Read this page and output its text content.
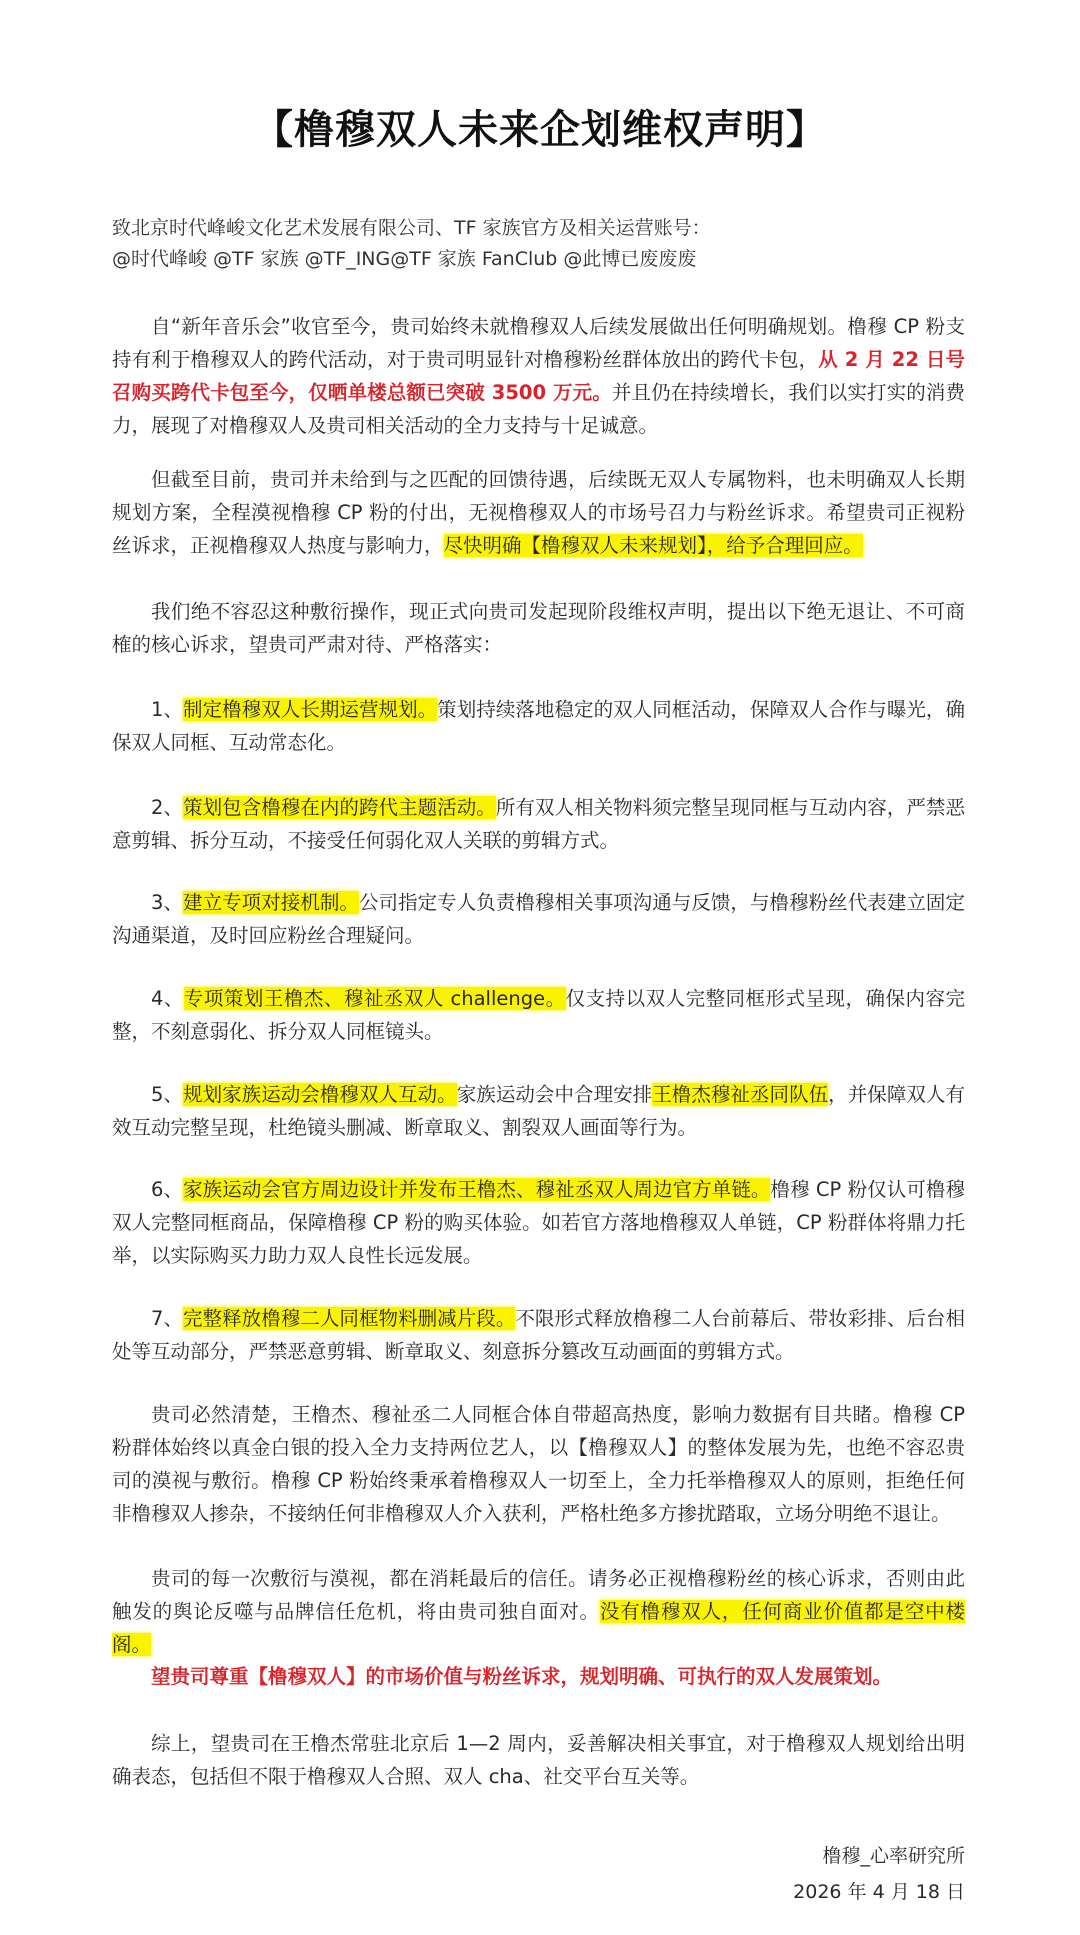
【橹穆双人未来企划维权声明】
致北京时代峰峻文化艺术发展有限公司、TF 家族官方及相关运营账号：
@时代峰峻 @TF 家族 @TF_ING@TF 家族 FanClub @此博已废废废
自“新年音乐会”收官至今，贵司始终未就橹穆双人后续发展做出任何明确规划。橹穆 CP 粉支持有利于橹穆双人的跨代活动，对于贵司明显针对橹穆粉丝群体放出的跨代卡包，从 2 月 22 日号召购买跨代卡包至今，仅晒单楼总额已突破 3500 万元。并且仍在持续增长，我们以实打实的消费力，展现了对橹穆双人及贵司相关活动的全力支持与十足诚意。
但截至目前，贵司并未给到与之匹配的回馈待遇，后续既无双人专属物料，也未明确双人长期规划方案，全程漠视橹穆 CP 粉的付出，无视橹穆双人的市场号召力与粉丝诉求。希望贵司正视粉丝诉求，正视橹穆双人热度与影响力，尽快明确【橹穆双人未来规划】，给予合理回应。
我们绝不容忍这种敷衍操作，现正式向贵司发起现阶段维权声明，提出以下绝无退让、不可商榷的核心诉求，望贵司严肃对待、严格落实：
1、制定橹穆双人长期运营规划。策划持续落地稳定的双人同框活动，保障双人合作与曝光，确保双人同框、互动常态化。
2、策划包含橹穆在内的跨代主题活动。所有双人相关物料须完整呈现同框与互动内容，严禁恶意剪辑、拆分互动，不接受任何弱化双人关联的剪辑方式。
3、建立专项对接机制。公司指定专人负责橹穆相关事项沟通与反馈，与橹穆粉丝代表建立固定沟通渠道，及时回应粉丝合理疑问。
4、专项策划王橹杰、穆祉丞双人 challenge。仅支持以双人完整同框形式呈现，确保内容完整，不刻意弱化、拆分双人同框镜头。
5、规划家族运动会橹穆双人互动。家族运动会中合理安排王橹杰穆祉丞同队伍，并保障双人有效互动完整呈现，杜绝镜头删减、断章取义、割裂双人画面等行为。
6、家族运动会官方周边设计并发布王橹杰、穆祉丞双人周边官方单链。橹穆 CP 粉仅认可橹穆双人完整同框商品，保障橹穆 CP 粉的购买体验。如若官方落地橹穆双人单链，CP 粉群体将鼎力托举，以实际购买力助力双人良性长远发展。
7、完整释放橹穆二人同框物料删减片段。不限形式释放橹穆二人台前幕后、带妆彩排、后台相处等互动部分，严禁恶意剪辑、断章取义、刻意拆分篡改互动画面的剪辑方式。
贵司必然清楚，王橹杰、穆祉丞二人同框合体自带超高热度，影响力数据有目共睹。橹穆 CP 粉群体始终以真金白银的投入全力支持两位艺人，以【橹穆双人】的整体发展为先，也绝不容忍贵司的漠视与敷衍。橹穆 CP 粉始终秉承着橹穆双人一切至上，全力托举橹穆双人的原则，拒绝任何非橹穆双人掺杂，不接纳任何非橹穆双人介入获利，严格杜绝多方掺扰踏取，立场分明绝不退让。
贵司的每一次敷衍与漠视，都在消耗最后的信任。请务必正视橹穆粉丝的核心诉求，否则由此触发的舆论反噬与品牌信任危机，将由贵司独自面对。没有橹穆双人，任何商业价值都是空中楼阁。
望贵司尊重【橹穆双人】的市场价值与粉丝诉求，规划明确、可执行的双人发展策划。
综上，望贵司在王橹杰常驻北京后 1—2 周内，妥善解决相关事宜，对于橹穆双人规划给出明确表态，包括但不限于橹穆双人合照、双人 cha、社交平台互关等。
橹穆_心率研究所
2026 年 4 月 18 日
